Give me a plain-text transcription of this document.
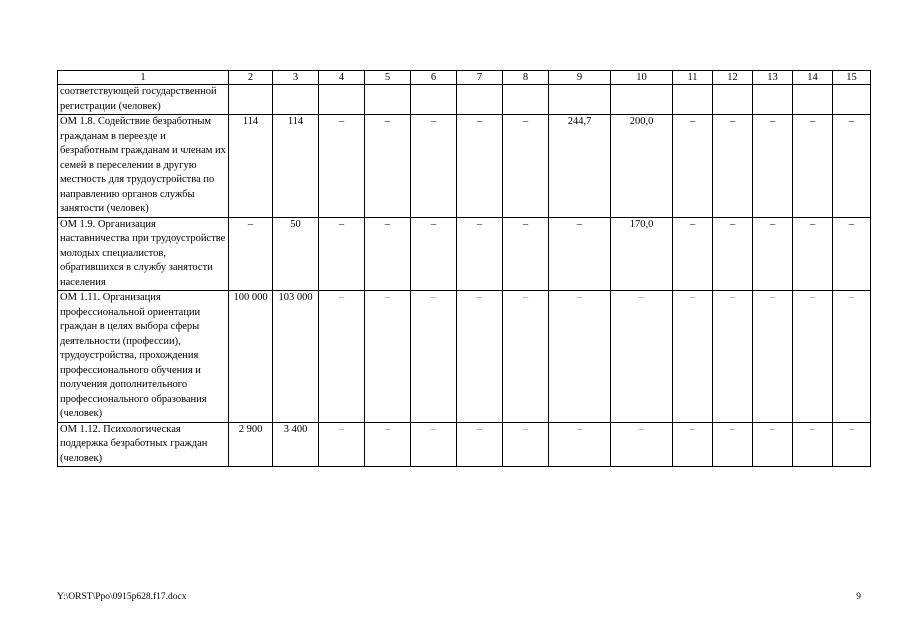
1	2	3	4	5	6	7	8	9	10	11	12	13	14	15
соответствующей государственной регистрации (человек)														
ОМ 1.8. Содействие безработным гражданам в переезде и безработным гражданам и членам их семей в переселении в другую местность для трудоустройства по направлению органов службы занятости (человек)	114	114	–	–	–	–	–	244,7	200,0	–	–	–	–	–
ОМ 1.9. Организация наставничества при трудоустройстве молодых специалистов, обратившихся в службу занятости населения	–	50	–	–	–	–	–	–	170,0	–	–	–	–	–
ОМ 1.11. Организация профессиональной ориентации граждан в целях выбора сферы деятельности (профессии), трудоустройства, прохождения профессионального обучения и получения дополнительного профессионального образования (человек)	100 000	103 000	–	–	–	–	–	–	–	–	–	–	–	–
ОМ 1.12. Психологическая поддержка безработных граждан (человек)	2 900	3 400	–	–	–	–	–	–	–	–	–	–	–	–
Y:\ORST\Ppo\0915p628.f17.docx	9
